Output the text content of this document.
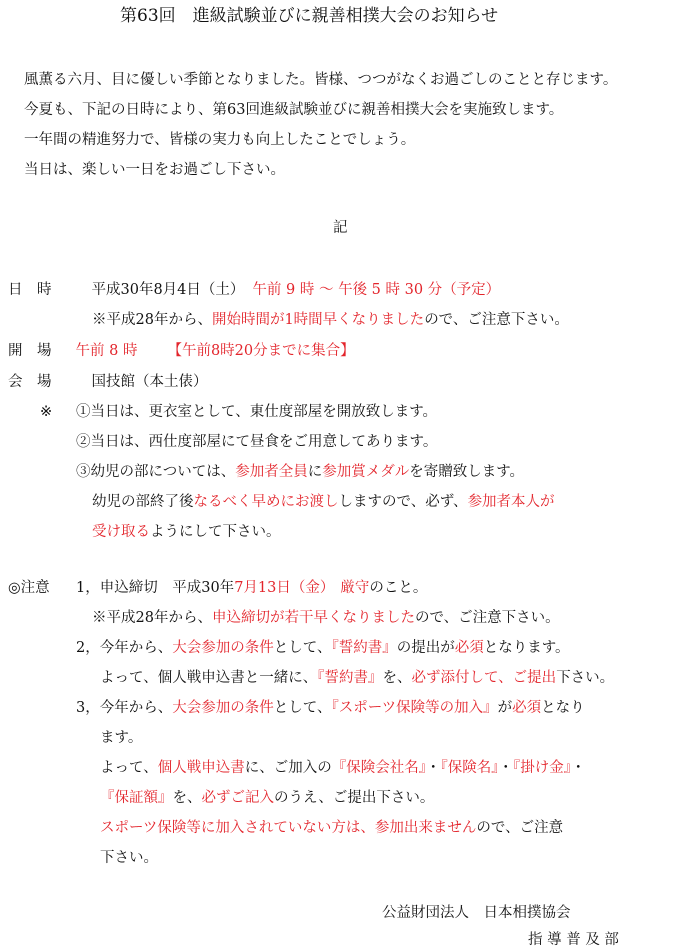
第63回　進級試験並びに親善相撲大会のお知らせ
風薫る六月、目に優しい季節となりました。皆様、つつがなくお過ごしのことと存じます。
今夏も、下記の日時により、第63回進級試験並びに親善相撲大会を実施致します。
一年間の精進努力で、皆様の実力も向上したことでしょう。
当日は、楽しい一日をお過ごし下さい。
記
日　時	平成30年8月4日（土） 午前 9 時 ～ 午後 5 時 30 分（予定）
※平成28年から、開始時間が1時間早くなりましたので、ご注意下さい。
開　場 午前 8 時 【午前8時20分までに集合】
会　場	国技館（本土俵）
※ ①当日は、更衣室として、東仕度部屋を開放致します。
②当日は、西仕度部屋にて昼食をご用意してあります。
③幼児の部については、参加者全員に参加賞メダルを寄贈致します。
幼児の部終了後なるべく早めにお渡ししますので、必ず、参加者本人が
受け取るようにして下さい。
◎注意 1，申込締切　平成30年7月13日（金） 厳守のこと。
※平成28年から、申込締切が若干早くなりましたので、ご注意下さい。
2，今年から、大会参加の条件として、『誓約書』の提出が必須となります。
よって、個人戦申込書と一緒に、『誓約書』を、必ず添付して、ご提出下さい。
3，今年から、大会参加の条件として、『スポーツ保険等の加入』が必須となり
ます。
よって、個人戦申込書に、ご加入の『保険会社名』・『保険名』・『掛け金』・
『保証額』を、必ずご記入のうえ、ご提出下さい。
スポーツ保険等に加入されていない方は、参加出来ませんので、ご注意
下さい。
公益財団法人　日本相撲協会
指 導 普 及 部
